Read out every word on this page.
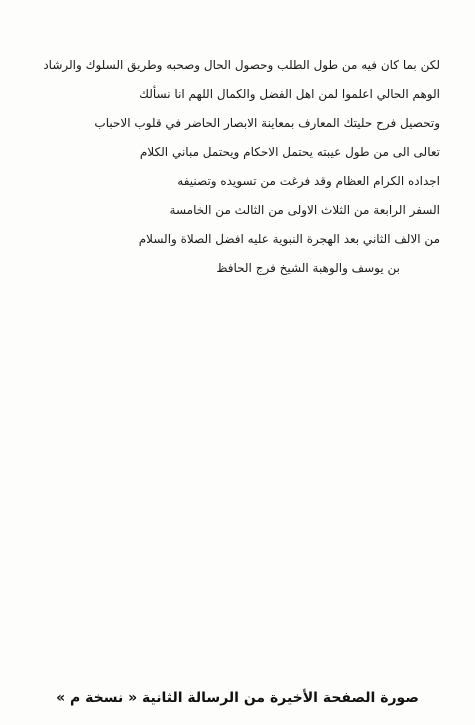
لكن بما كان فيه من طول الطلب وحصول الحال وصحبه وطريق السلوك والرشاد
الوهم الحالي اعلموا لمن اهل الفضل والكمال اللهم انا نسألك
وتحصيل فرح حليتك المعارف بمعاينة الابصار الحاضر في قلوب الاحباب
تعالى الى من طول عيبته يحتمل الاحكام ويحتمل مباني الكلام
اجداده الكرام العظام وقد فرغت من تسويده وتصنيفه
السفر الرابعة من الثلاث الاولى من الثالث من الخامسة
من الالف الثاني بعد الهجرة النبوية عليه افضل الصلاة والسلام
بن يوسف والوهبة الشيخ فرج الحافظ
صورة الصفحة الأخيرة من الرسالة الثانية « نسخة م »
